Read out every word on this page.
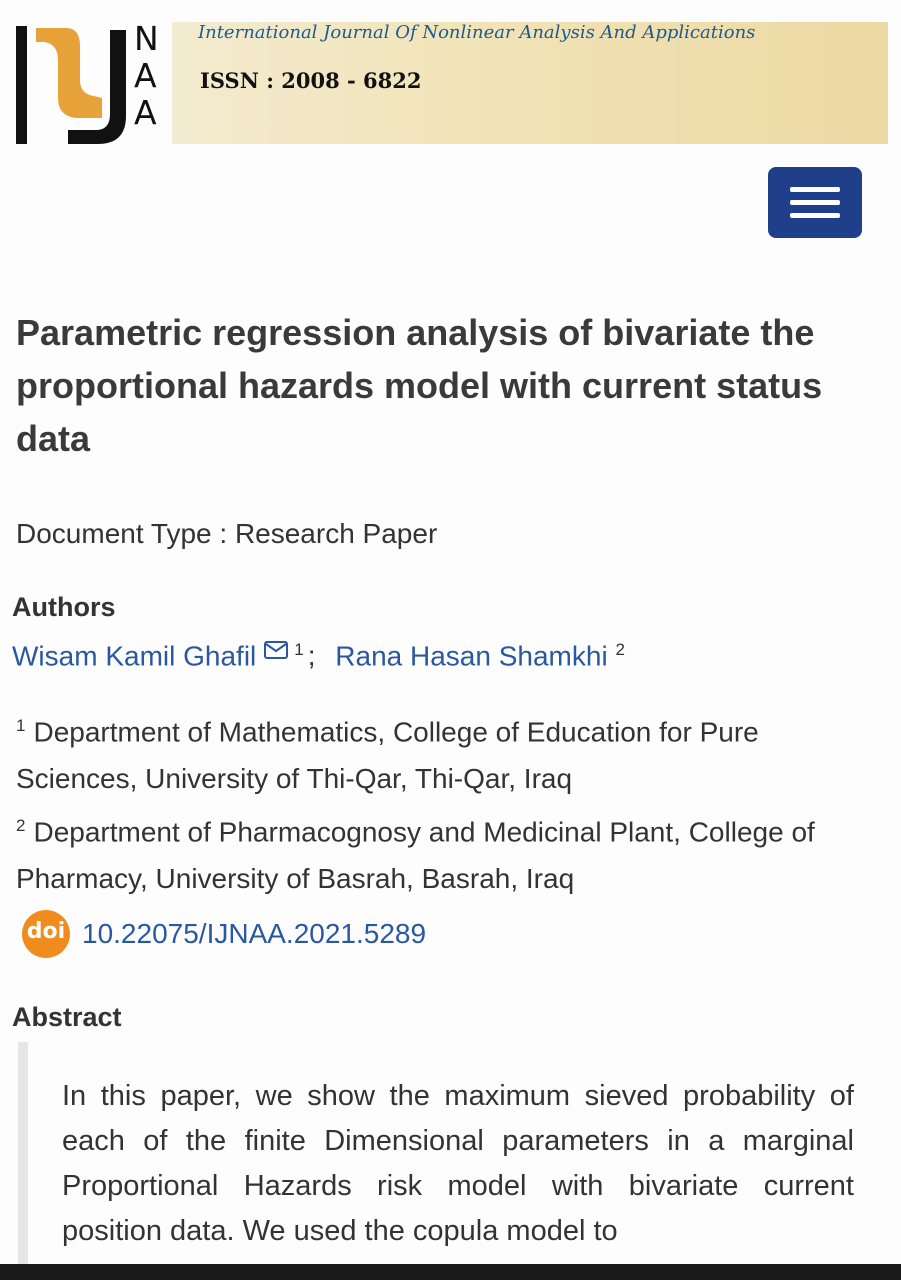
N
A
A
International Journal Of Nonlinear Analysis And Applications
ISSN : 2008 - 6822
Parametric regression analysis of bivariate the proportional hazards model with current status data
Document Type : Research Paper
Authors
Wisam Kamil Ghafil $^1$ ; Rana Hasan Shamkhi $^2$
$^1$ Department of Mathematics, College of Education for Pure Sciences, University of Thi-Qar, Thi-Qar, Iraq
$^2$ Department of Pharmacognosy and Medicinal Plant, College of Pharmacy, University of Basrah, Basrah, Iraq
doi 10.22075/IJNAA.2021.5289
Abstract

In this paper, we show the maximum sieved probability of each of the finite Dimensional parameters in a marginal Proportional Hazards risk model with bivariate current position data. We used the copula model to
